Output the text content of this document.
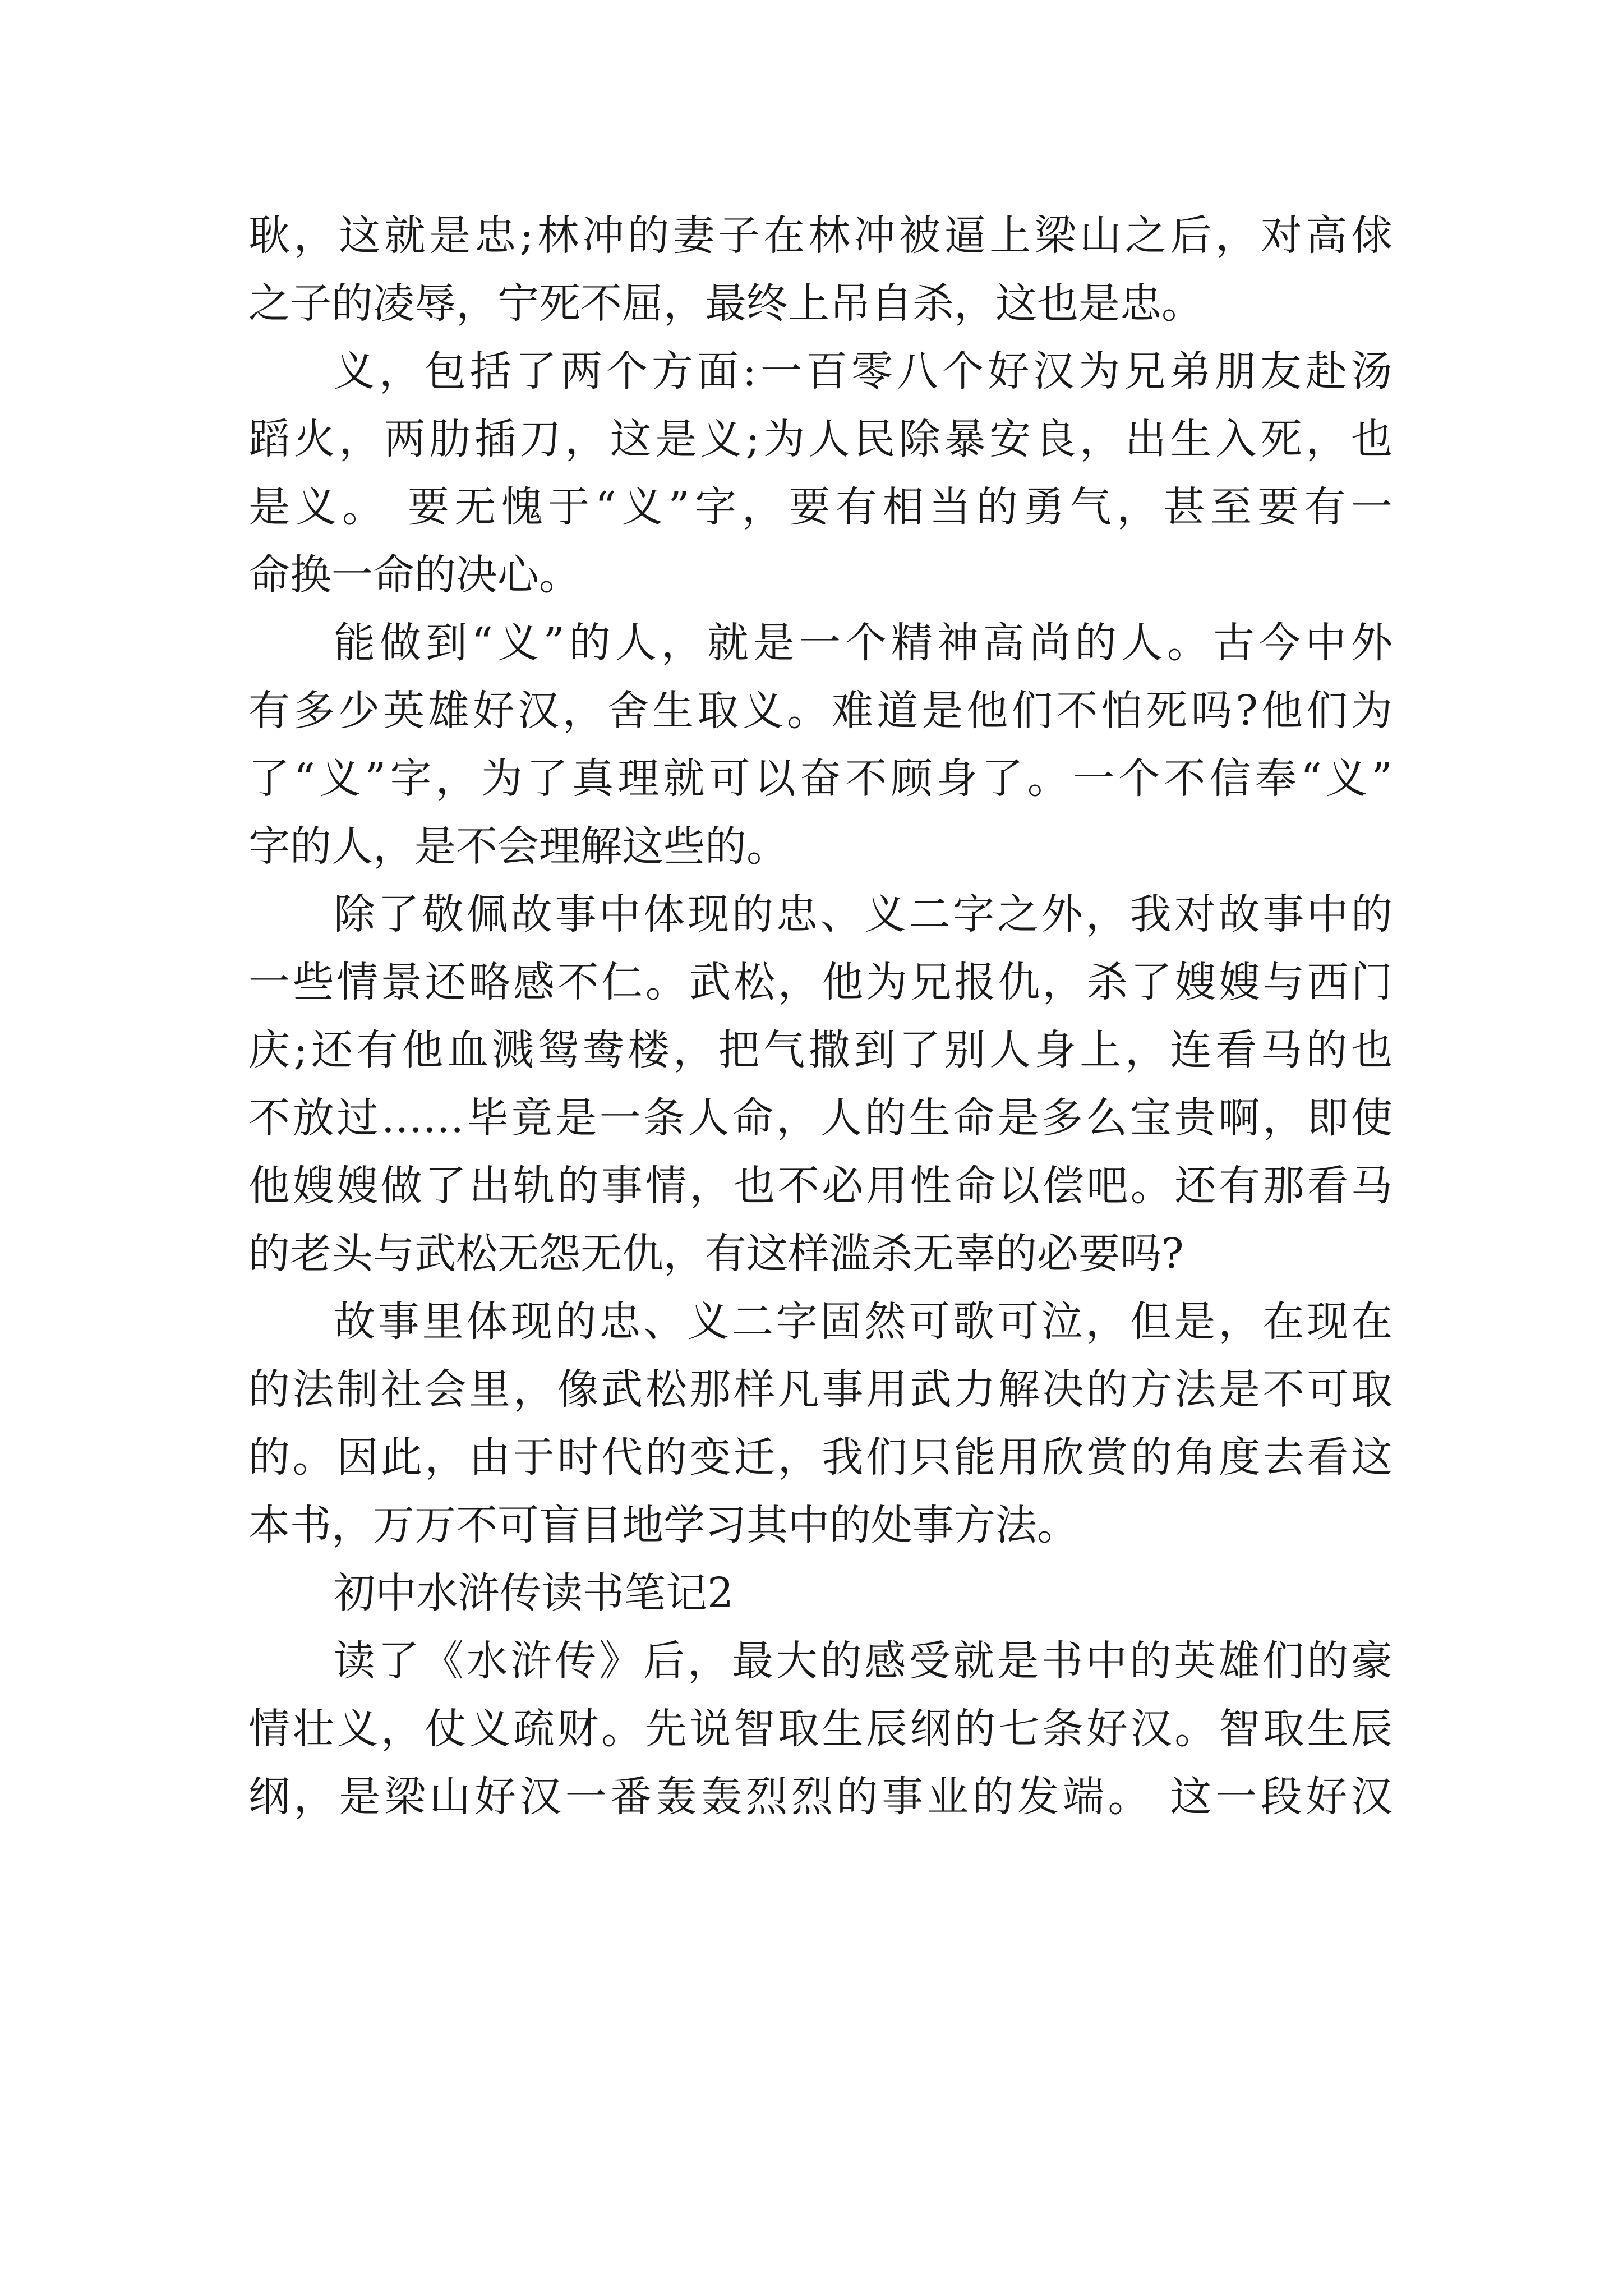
耿，这就是忠;林冲的妻子在林冲被逼上梁山之后，对高俅
之子的凌辱，宁死不屈，最终上吊自杀，这也是忠。
义，包括了两个方面:一百零八个好汉为兄弟朋友赴汤
蹈火，两肋插刀，这是义;为人民除暴安良，出生入死，也
是义。 要无愧于“义”字，要有相当的勇气，甚至要有一
命换一命的决心。
能做到“义”的人，就是一个精神高尚的人。古今中外
有多少英雄好汉，舍生取义。难道是他们不怕死吗?他们为
了“义”字，为了真理就可以奋不顾身了。一个不信奉“义”
字的人，是不会理解这些的。
除了敬佩故事中体现的忠、义二字之外，我对故事中的
一些情景还略感不仁。武松，他为兄报仇，杀了嫂嫂与西门
庆;还有他血溅鸳鸯楼，把气撒到了别人身上，连看马的也
不放过……毕竟是一条人命，人的生命是多么宝贵啊，即使
他嫂嫂做了出轨的事情，也不必用性命以偿吧。还有那看马
的老头与武松无怨无仇，有这样滥杀无辜的必要吗?
故事里体现的忠、义二字固然可歌可泣，但是，在现在
的法制社会里，像武松那样凡事用武力解决的方法是不可取
的。因此，由于时代的变迁，我们只能用欣赏的角度去看这
本书，万万不可盲目地学习其中的处事方法。
初中水浒传读书笔记2
读了《水浒传》后，最大的感受就是书中的英雄们的豪
情壮义，仗义疏财。先说智取生辰纲的七条好汉。智取生辰
纲，是梁山好汉一番轰轰烈烈的事业的发端。 这一段好汉
